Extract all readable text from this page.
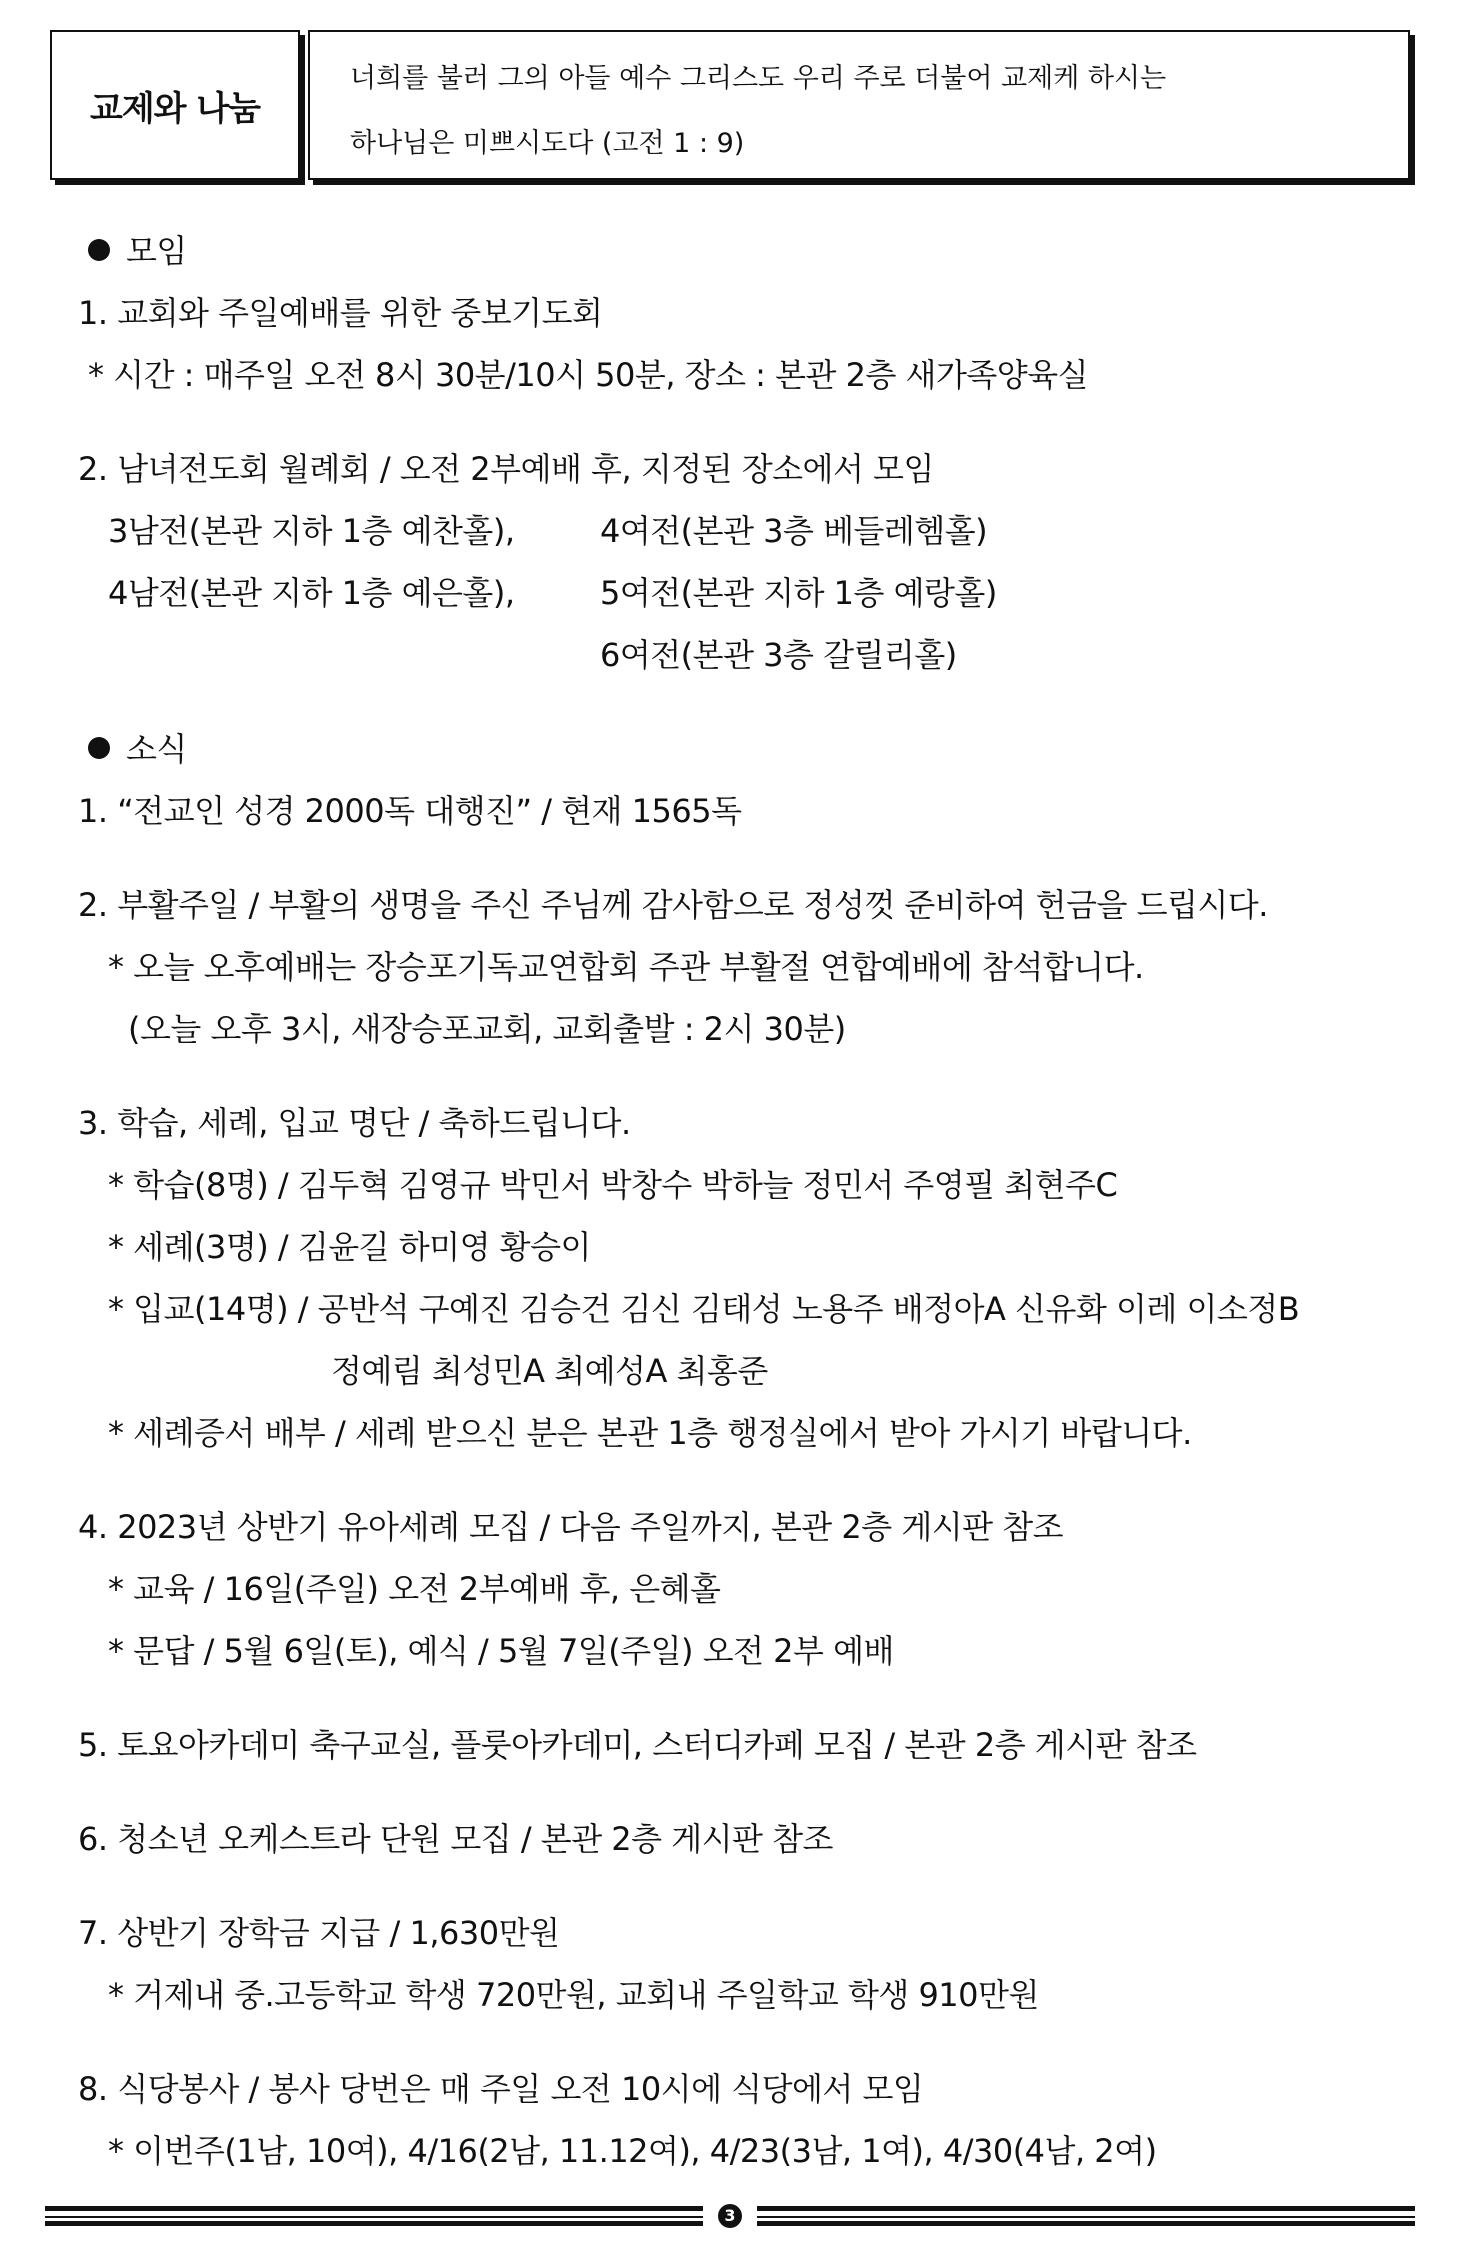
교제와 나눔
너희를 불러 그의 아들 예수 그리스도 우리 주로 더불어 교제케 하시는
하나님은 미쁘시도다 (고전 1 : 9)
모임
1. 교회와 주일예배를 위한 중보기도회
* 시간 : 매주일 오전 8시 30분/10시 50분, 장소 : 본관 2층 새가족양육실
2. 남녀전도회 월례회 / 오전 2부예배 후, 지정된 장소에서 모임
3남전(본관 지하 1층 예찬홀),	4여전(본관 3층 베들레헴홀)
4남전(본관 지하 1층 예은홀),	5여전(본관 지하 1층 예랑홀)
6여전(본관 3층 갈릴리홀)
소식
1. “전교인 성경 2000독 대행진” / 현재 1565독
2. 부활주일 / 부활의 생명을 주신 주님께 감사함으로 정성껏 준비하여 헌금을 드립시다.
* 오늘 오후예배는 장승포기독교연합회 주관 부활절 연합예배에 참석합니다.
(오늘 오후 3시, 새장승포교회, 교회출발 : 2시 30분)
3. 학습, 세례, 입교 명단 / 축하드립니다.
* 학습(8명) / 김두혁 김영규 박민서 박창수 박하늘 정민서 주영필 최현주C
* 세례(3명) / 김윤길 하미영 황승이
* 입교(14명) / 공반석 구예진 김승건 김신 김태성 노용주 배정아A 신유화 이레 이소정B
정예림 최성민A 최예성A 최홍준
* 세례증서 배부 / 세례 받으신 분은 본관 1층 행정실에서 받아 가시기 바랍니다.
4. 2023년 상반기 유아세례 모집 / 다음 주일까지, 본관 2층 게시판 참조
* 교육 / 16일(주일) 오전 2부예배 후, 은혜홀
* 문답 / 5월 6일(토), 예식 / 5월 7일(주일) 오전 2부 예배
5. 토요아카데미 축구교실, 플룻아카데미, 스터디카페 모집 / 본관 2층 게시판 참조
6. 청소년 오케스트라 단원 모집 / 본관 2층 게시판 참조
7. 상반기 장학금 지급 / 1,630만원
* 거제내 중.고등학교 학생 720만원, 교회내 주일학교 학생 910만원
8. 식당봉사 / 봉사 당번은 매 주일 오전 10시에 식당에서 모임
* 이번주(1남, 10여), 4/16(2남, 11.12여), 4/23(3남, 1여), 4/30(4남, 2여)
3
